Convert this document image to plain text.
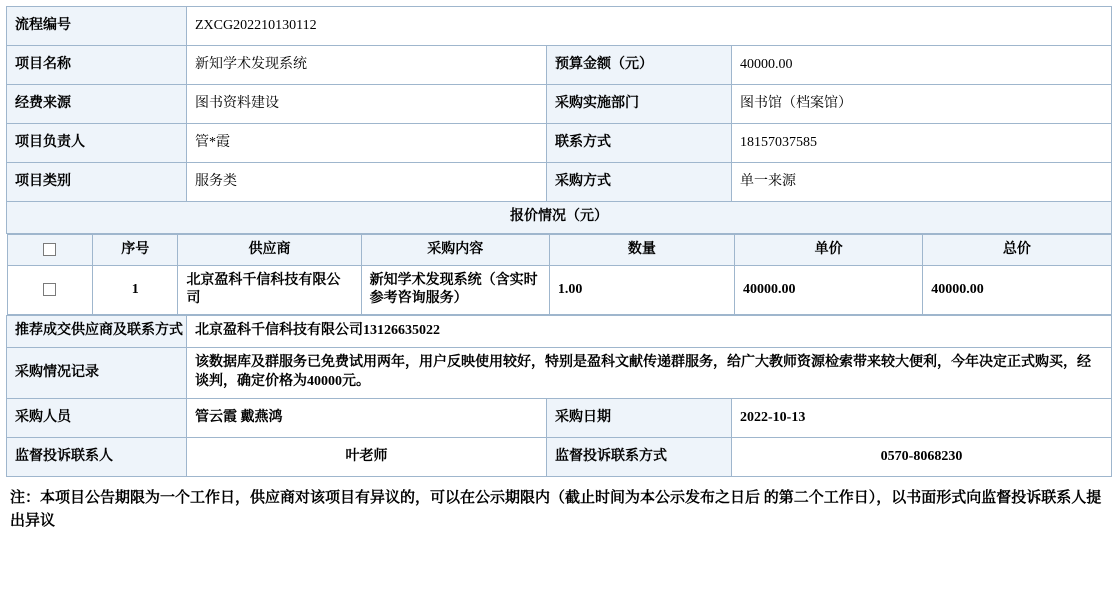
流程编号	ZXCG202210130112
项目名称	新知学术发现系统	预算金额（元）	40000.00
经费来源	图书资料建设	采购实施部门	图书馆（档案馆）
项目负责人	管*霞	联系方式	18157037585
项目类别	服务类	采购方式	单一来源
报价情况（元）

	序号	供应商	采购内容	数量	单价	总价
	1	北京盈科千信科技有限公司	新知学术发现系统（含实时参考咨询服务）	1.00	40000.00	40000.00

推荐成交供应商及联系方式	北京盈科千信科技有限公司13126635022
采购情况记录	该数据库及群服务已免费试用两年，用户反映使用较好，特别是盈科文献传递群服务，给广大教师资源检索带来较大便利，今年决定正式购买，经谈判，确定价格为40000元。
采购人员	管云霞 戴燕鸿	采购日期	2022-10-13
监督投诉联系人	叶老师	监督投诉联系方式	0570-8068230
注：本项目公告期限为一个工作日，供应商对该项目有异议的，可以在公示期限内（截止时间为本公示发布之日后 的第二个工作日），以书面形式向监督投诉联系人提出异议
